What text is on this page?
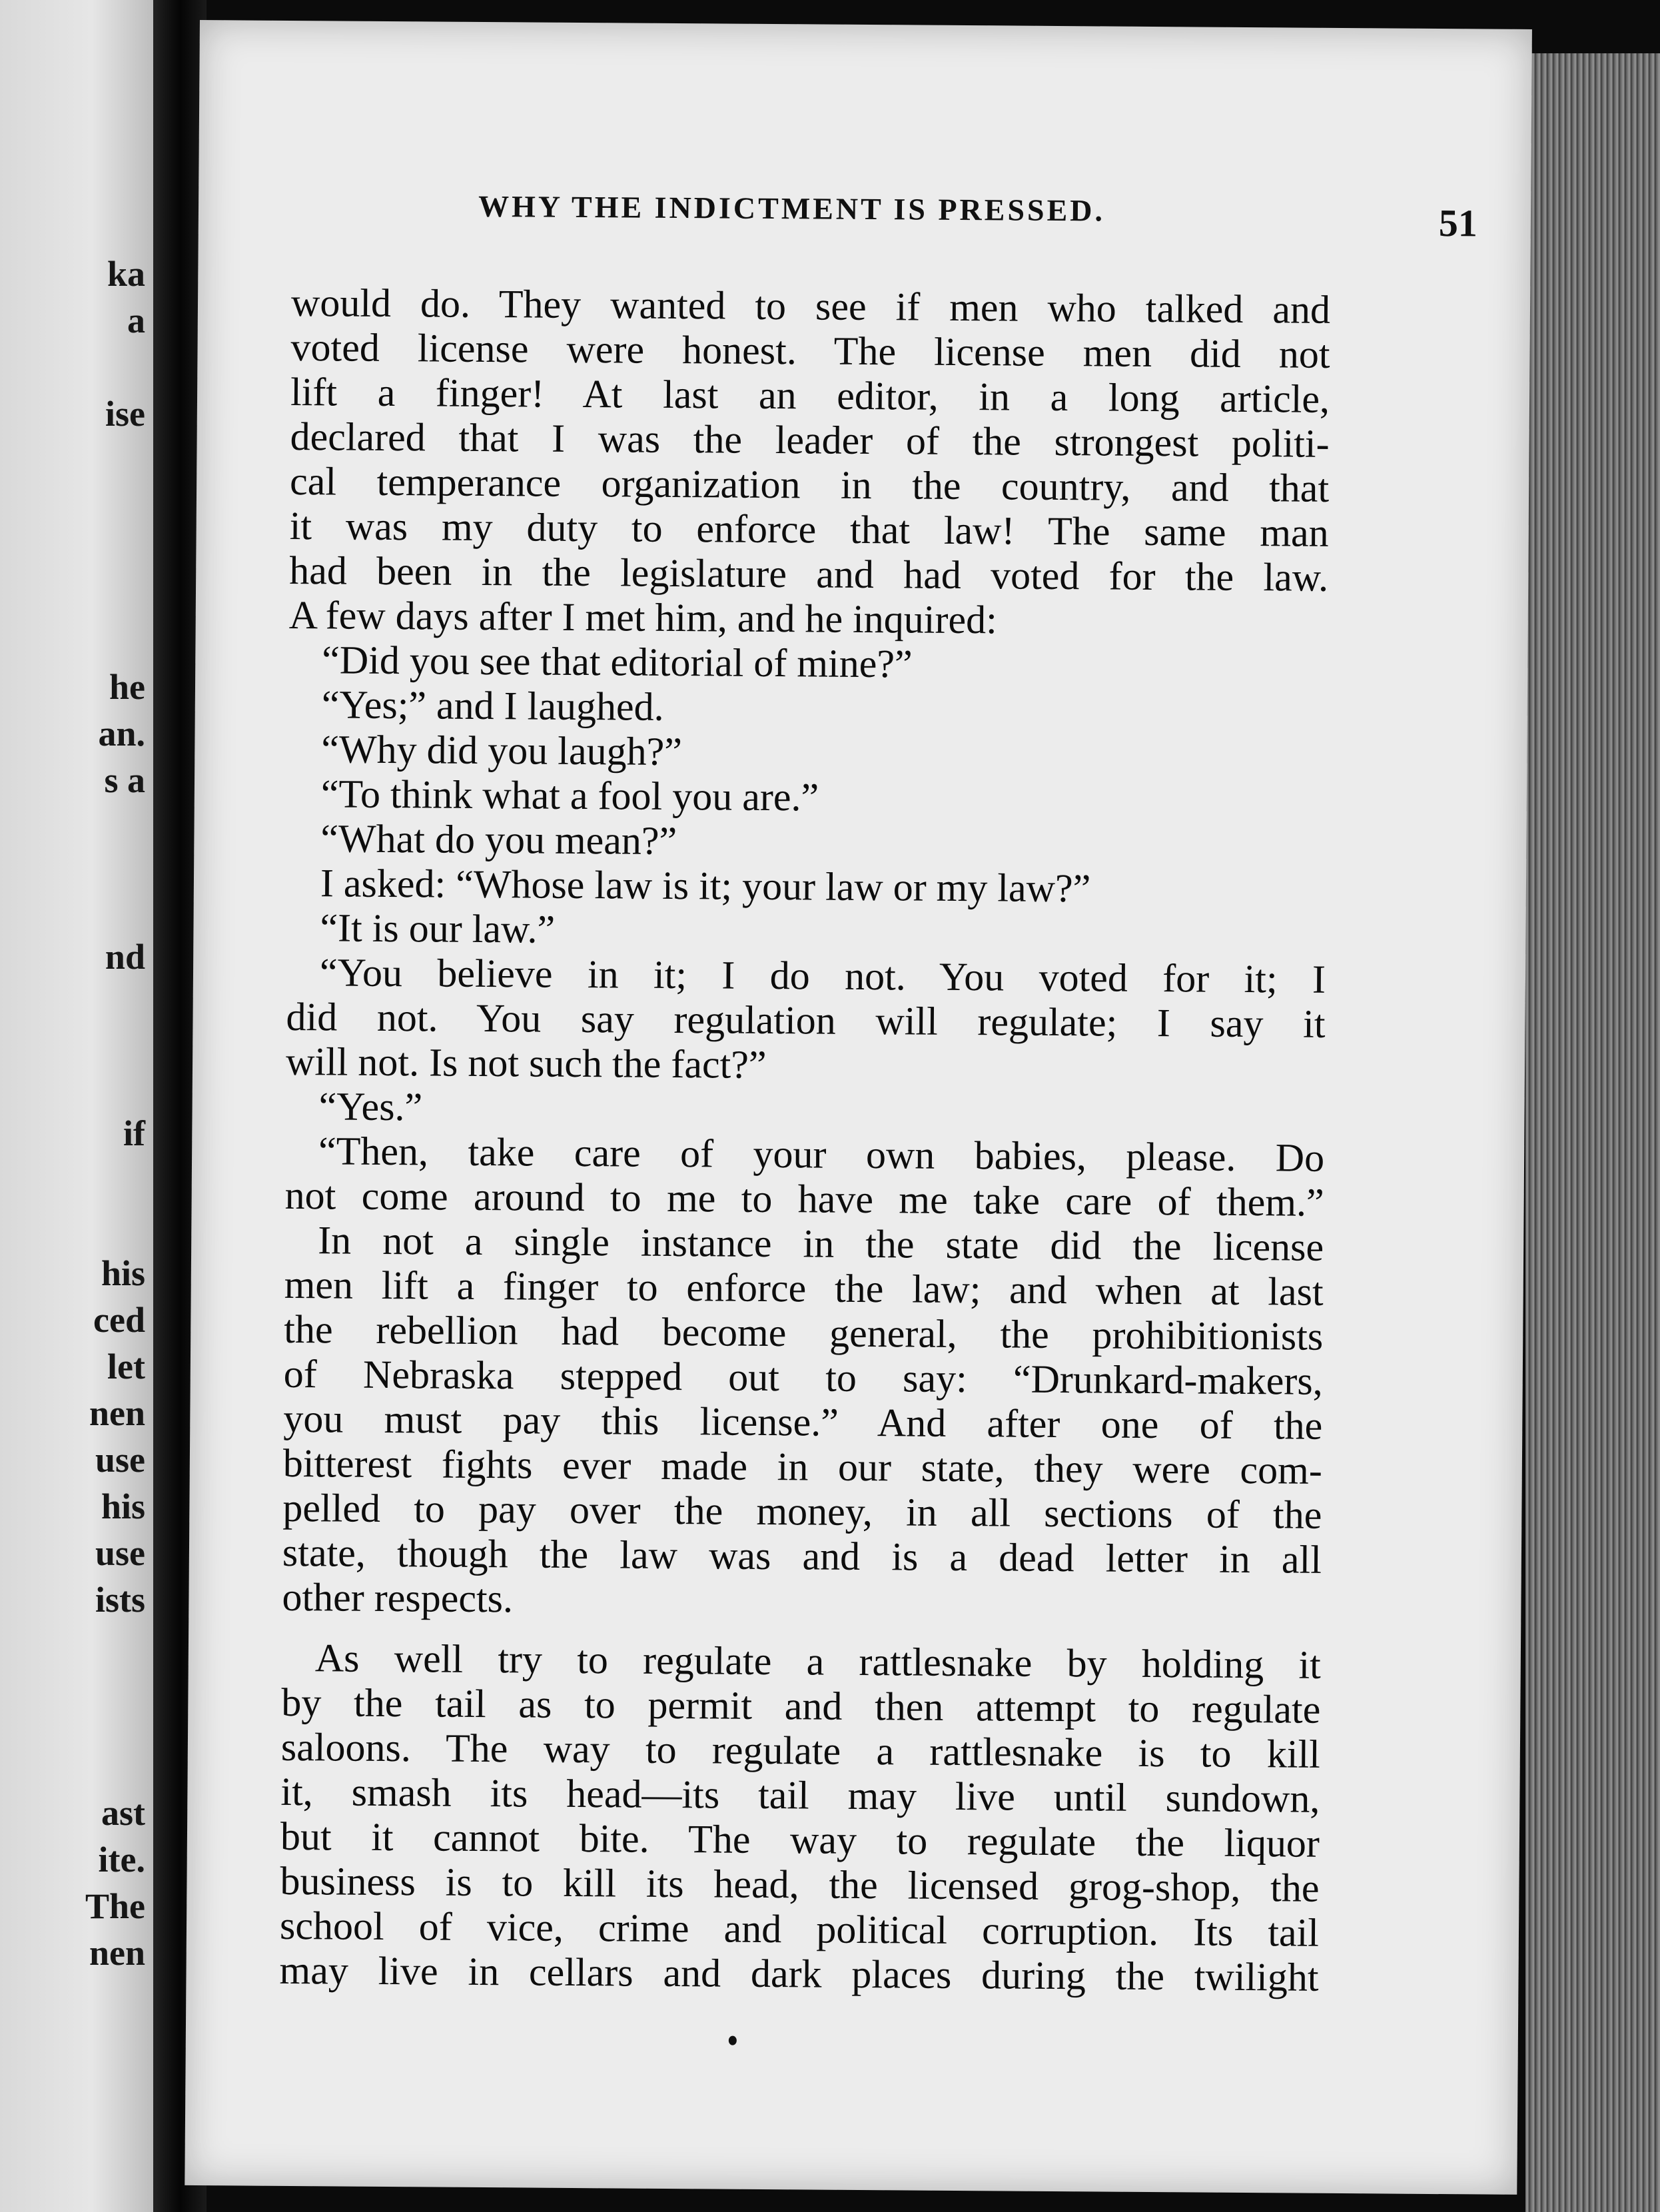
ka
a
ise
he
an.
s a
nd
if
his
ced
let
nen
use
his
use
ists
ast
ite.
The
nen
WHY THE INDICTMENT IS PRESSED.	51
would do. They wanted to see if men who talked and
voted license were honest. The license men did not
lift a finger! At last an editor, in a long article,
declared that I was the leader of the strongest politi-
cal temperance organization in the country, and that
it was my duty to enforce that law! The same man
had been in the legislature and had voted for the law.
A few days after I met him, and he inquired:
“Did you see that editorial of mine?”
“Yes;” and I laughed.
“Why did you laugh?”
“To think what a fool you are.”
“What do you mean?”
I asked: “Whose law is it; your law or my law?”
“It is our law.”
“You believe in it; I do not. You voted for it; I
did not. You say regulation will regulate; I say it
will not. Is not such the fact?”
“Yes.”
“Then, take care of your own babies, please. Do
not come around to me to have me take care of them.”
In not a single instance in the state did the license
men lift a finger to enforce the law; and when at last
the rebellion had become general, the prohibitionists
of Nebraska stepped out to say: “Drunkard-makers,
you must pay this license.” And after one of the
bitterest fights ever made in our state, they were com-
pelled to pay over the money, in all sections of the
state, though the law was and is a dead letter in all
other respects.
As well try to regulate a rattlesnake by holding it
by the tail as to permit and then attempt to regulate
saloons. The way to regulate a rattlesnake is to kill
it, smash its head—its tail may live until sundown,
but it cannot bite. The way to regulate the liquor
business is to kill its head, the licensed grog-shop, the
school of vice, crime and political corruption. Its tail
may live in cellars and dark places during the twilight
